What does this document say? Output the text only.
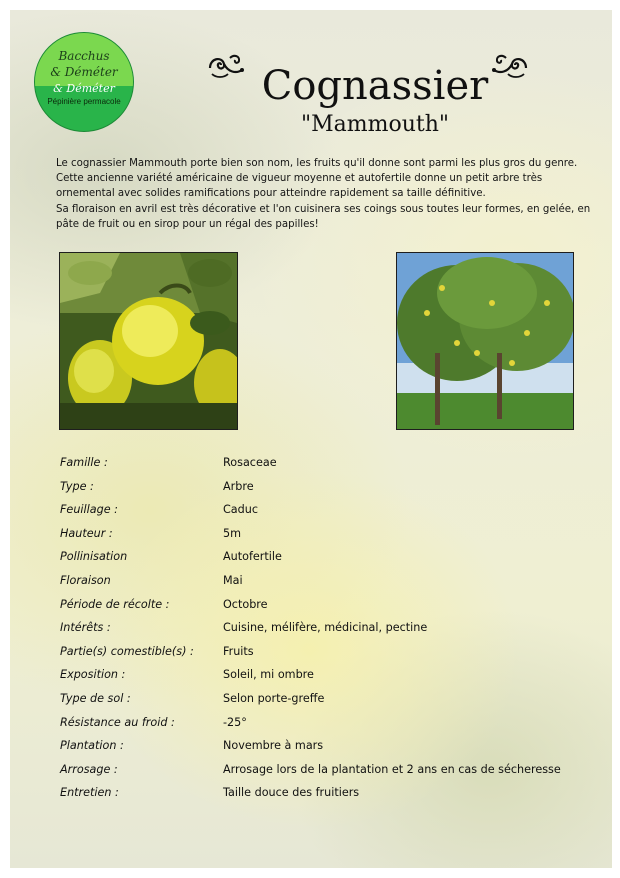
Bacchus
& Déméter
& Déméter
Pépinière permacole	Cognassier
"Mammouth"

Le cognassier Mammouth porte bien son nom, les fruits qu'il donne sont parmi les plus gros du genre.

Cette ancienne variété américaine de vigueur moyenne et autofertile donne un petit arbre très ornemental avec solides ramifications pour atteindre rapidement sa taille définitive.

Sa floraison en avril est très décorative et l'on cuisinera ses coings sous toutes leur formes, en gelée, en pâte de fruit ou en sirop pour un régal des papilles!

Famille :	Rosaceae
Type :	Arbre
Feuillage :	Caduc
Hauteur :	5m
Pollinisation	Autofertile
Floraison	Mai
Période de récolte :	Octobre
Intérêts :	Cuisine, mélifère, médicinal, pectine
Partie(s) comestible(s) :	Fruits
Exposition :	Soleil, mi ombre
Type de sol :	Selon porte-greffe
Résistance au froid :	-25°
Plantation :	Novembre à mars
Arrosage :	Arrosage lors de la plantation et 2 ans en cas de sécheresse
Entretien :	Taille douce des fruitiers
